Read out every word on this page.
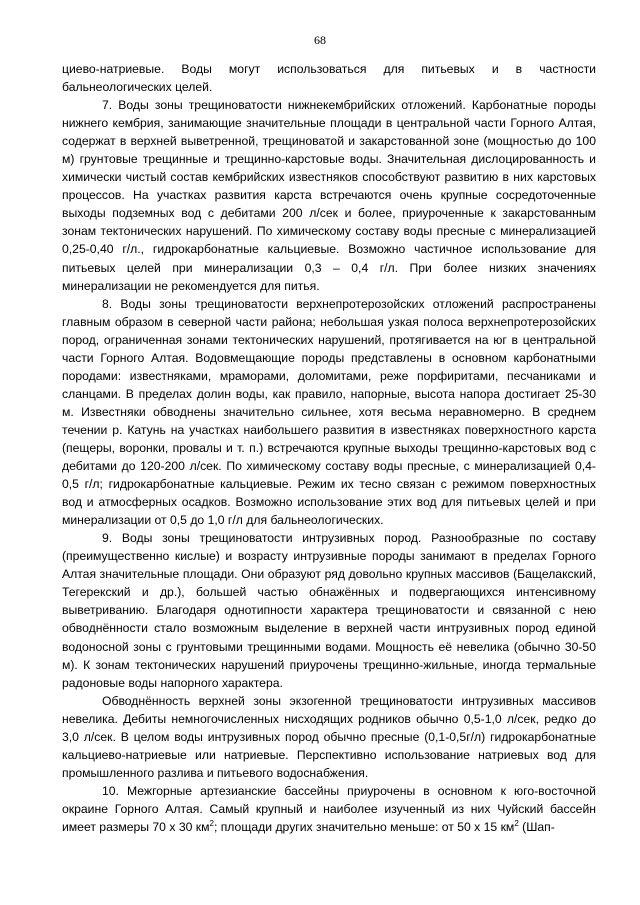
68

циево-натриевые. Воды могут использоваться для питьевых и в частности бальнеологических целей.

7. Воды зоны трещиноватости нижнекембрийских отложений. Карбонатные породы нижнего кембрия, занимающие значительные площади в центральной части Горного Алтая, содержат в верхней выветренной, трещиноватой и закарстованной зоне (мощностью до 100 м) грунтовые трещинные и трещинно-карстовые воды. Значительная дислоцированность и химически чистый состав кембрийских известняков способствуют развитию в них карстовых процессов. На участках развития карста встречаются очень крупные сосредоточенные выходы подземных вод с дебитами 200 л/сек и более, приуроченные к закарстованным зонам тектонических нарушений. По химическому составу воды пресные с минерализацией 0,25-0,40 г/л., гидрокарбонатные кальциевые. Возможно частичное использование для питьевых целей при минерализации 0,3 – 0,4 г/л. При более низких значениях минерализации не рекомендуется для питья.

8. Воды зоны трещиноватости верхнепротерозойских отложений распространены главным образом в северной части района; небольшая узкая полоса верхнепротерозойских пород, ограниченная зонами тектонических нарушений, протягивается на юг в центральной части Горного Алтая. Водовмещающие породы представлены в основном карбонатными породами: известняками, мраморами, доломитами, реже порфиритами, песчаниками и сланцами. В пределах долин воды, как правило, напорные, высота напора достигает 25-30 м. Известняки обводнены значительно сильнее, хотя весьма неравномерно. В среднем течении р. Катунь на участках наибольшего развития в известняках поверхностного карста (пещеры, воронки, провалы и т. п.) встречаются крупные выходы трещинно-карстовых вод с дебитами до 120-200 л/сек. По химическому составу воды пресные, с минерализацией 0,4-0,5 г/л; гидрокарбонатные кальциевые. Режим их тесно связан с режимом поверхностных вод и атмосферных осадков. Возможно использование этих вод для питьевых целей и при минерализации от 0,5 до 1,0 г/л для бальнеологических.

9. Воды зоны трещиноватости интрузивных пород. Разнообразные по составу (преимущественно кислые) и возрасту интрузивные породы занимают в пределах Горного Алтая значительные площади. Они образуют ряд довольно крупных массивов (Бащелакский, Тегерекский и др.), большей частью обнажённых и подвергающихся интенсивному выветриванию. Благодаря однотипности характера трещиноватости и связанной с нею обводнённости стало возможным выделение в верхней части интрузивных пород единой водоносной зоны с грунтовыми трещинными водами. Мощность её невелика (обычно 30-50 м). К зонам тектонических нарушений приурочены трещинно-жильные, иногда термальные радоновые воды напорного характера.

Обводнённость верхней зоны экзогенной трещиноватости интрузивных массивов невелика. Дебиты немногочисленных нисходящих родников обычно 0,5-1,0 л/сек, редко до 3,0 л/сек. В целом воды интрузивных пород обычно пресные (0,1-0,5г/л) гидрокарбонатные кальциево-натриевые или натриевые. Перспективно использование натриевых вод для промышленного разлива и питьевого водоснабжения.

10. Межгорные артезианские бассейны приурочены в основном к юго-восточной окраине Горного Алтая. Самый крупный и наиболее изученный из них Чуйский бассейн имеет размеры 70 х 30 $км^2$; площади других значительно меньше: от 50 х 15 $км^2$ (Шап-
